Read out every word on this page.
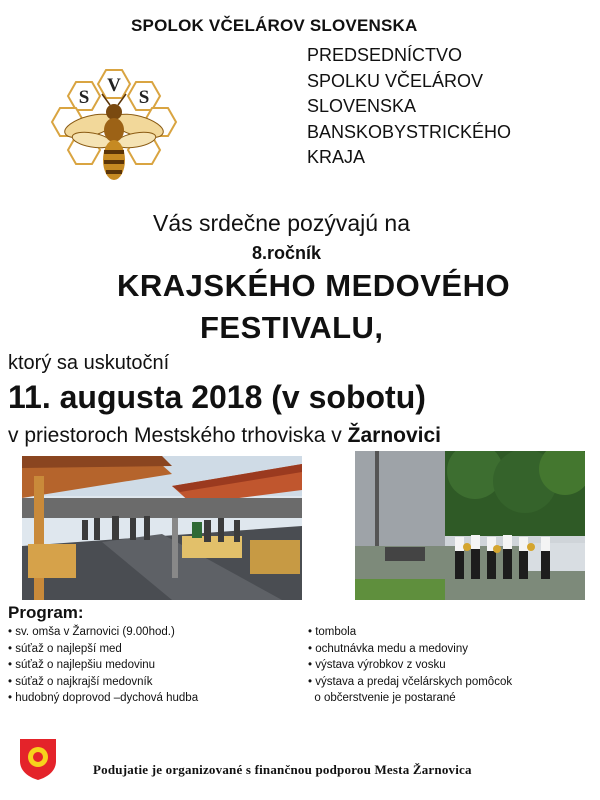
SPOLOK VČELÁROV SLOVENSKA
PREDSEDNÍCTVO
SPOLKU VČELÁROV
SLOVENSKA
BANSKOBYSTRICKÉHO
KRAJA
S
V
S
Vás srdečne pozývajú na
8.ročník
KRAJSKÉHO MEDOVÉHO
FESTIVALU,
ktorý sa uskutoční
11. augusta 2018 (v sobotu)
v priestoroch Mestského trhoviska v Žarnovici
Program:
• sv. omša v Žarnovici (9.00hod.)
• súťaž o najlepší med
• súťaž o najlepšiu medovinu
• súťaž o najkrajší medovník
• hudobný doprovod –dychová hudba
• tombola
• ochutnávka medu a medoviny
• výstava výrobkov z vosku
• výstava a predaj včelárskych pomôcok
o občerstvenie je postarané
Podujatie je organizované s finančnou podporou Mesta Žarnovica
